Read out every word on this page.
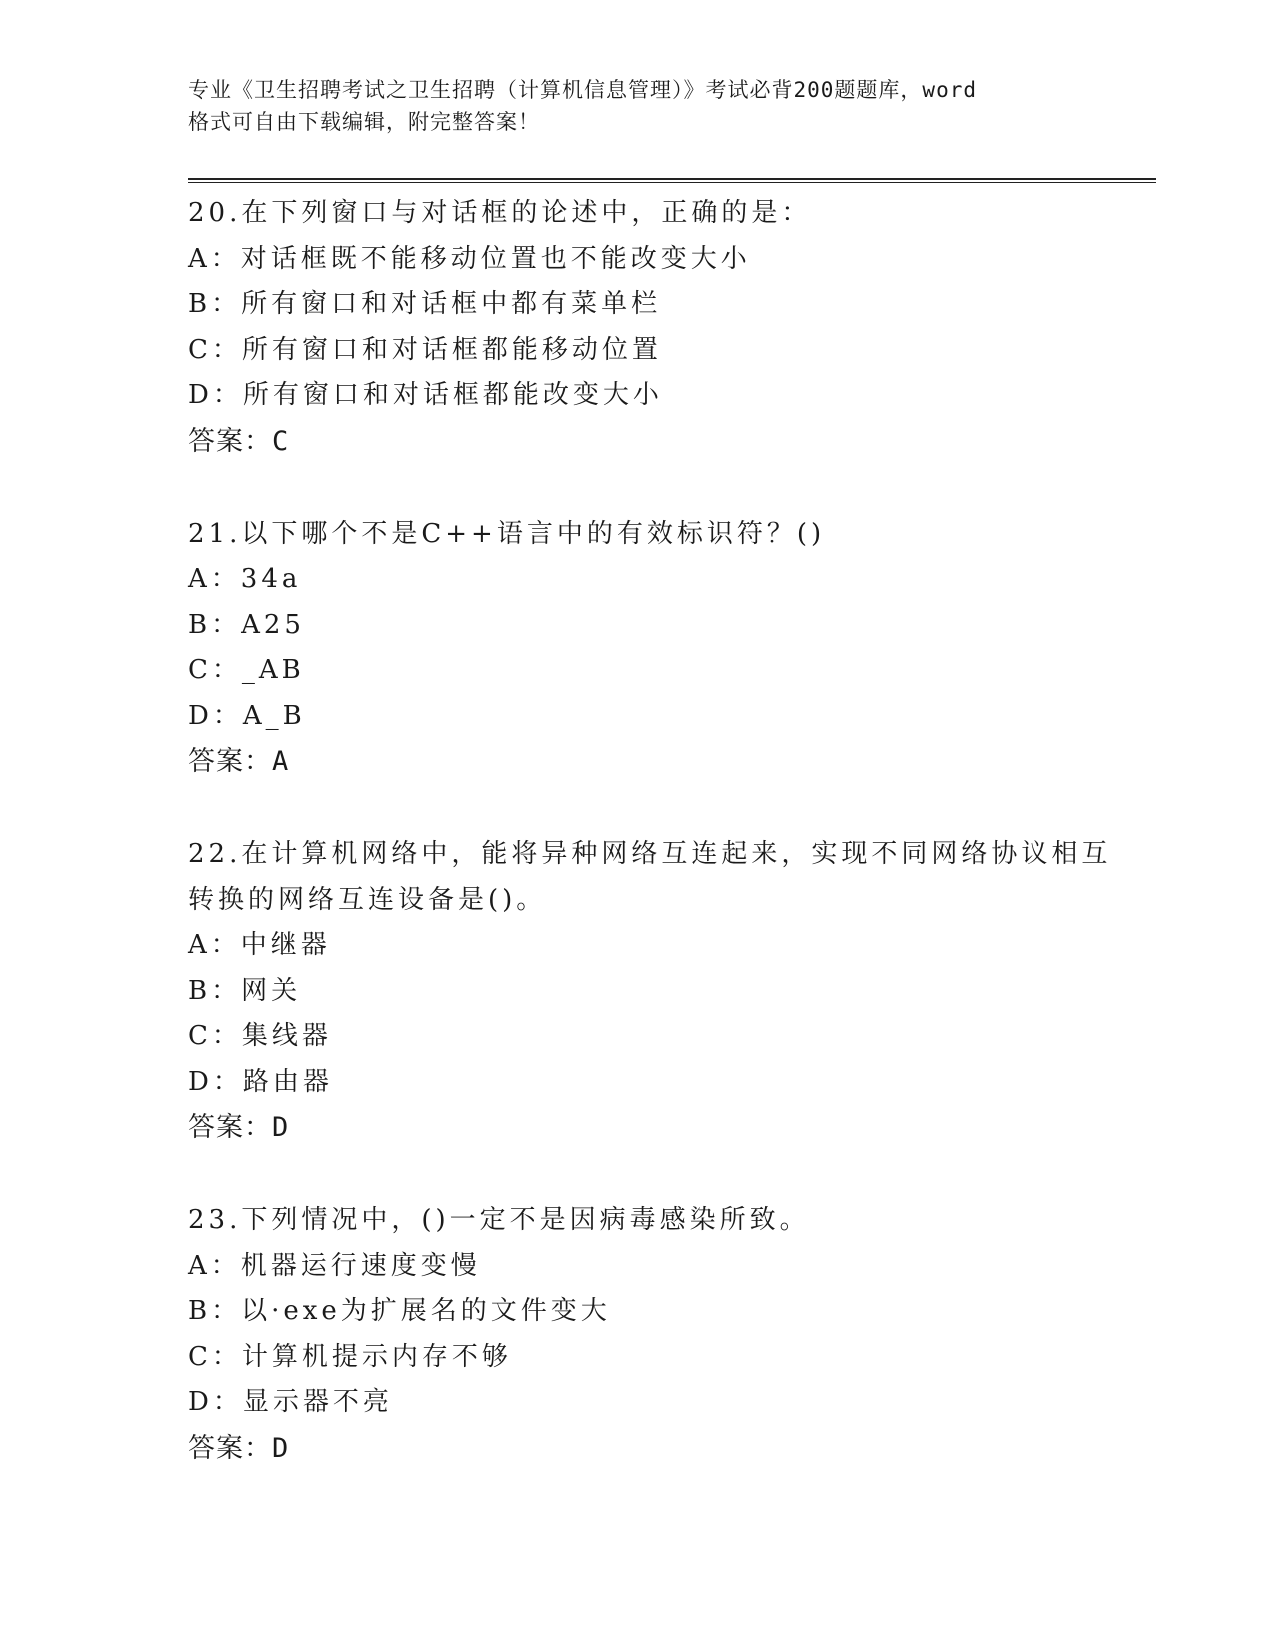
专业《卫生招聘考试之卫生招聘（计算机信息管理）》考试必背200题题库，word
格式可自由下载编辑，附完整答案！
20.在下列窗口与对话框的论述中，正确的是：
A：对话框既不能移动位置也不能改变大小
B：所有窗口和对话框中都有菜单栏
C：所有窗口和对话框都能移动位置
D：所有窗口和对话框都能改变大小
答案：C
21.以下哪个不是C++语言中的有效标识符？()
A：34a
B：A25
C：_AB
D：A_B
答案：A
22.在计算机网络中，能将异种网络互连起来，实现不同网络协议相互
转换的网络互连设备是()。
A：中继器
B：网关
C：集线器
D：路由器
答案：D
23.下列情况中，()一定不是因病毒感染所致。
A：机器运行速度变慢
B：以·exe为扩展名的文件变大
C：计算机提示内存不够
D：显示器不亮
答案：D
